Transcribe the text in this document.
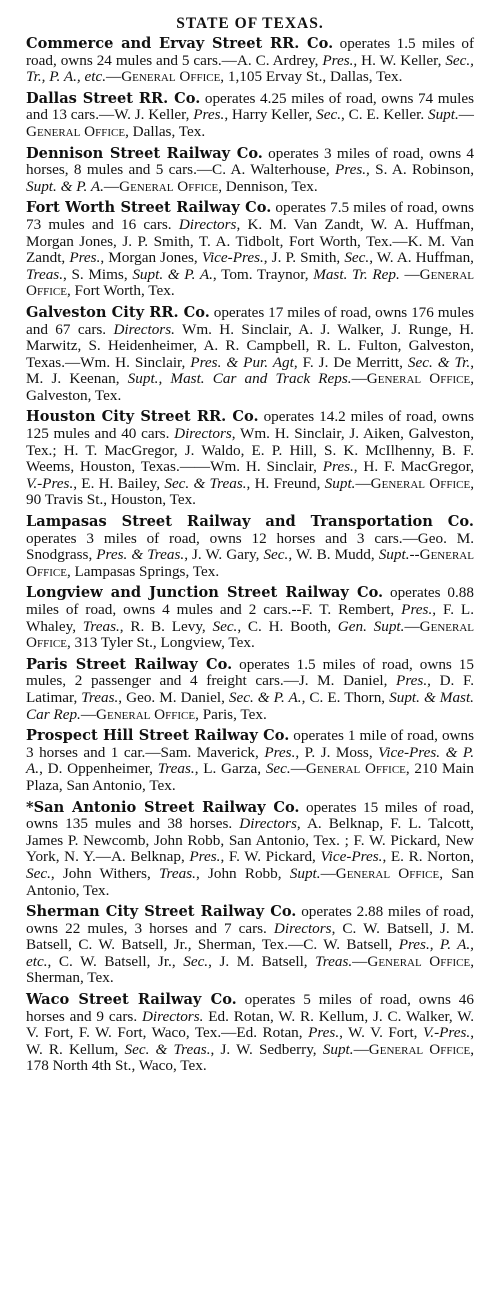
STATE OF TEXAS.

Commerce and Ervay Street RR. Co. operates 1.5 miles of road, owns 24 mules and 5 cars.—A. C. Ardrey, Pres., H. W. Keller, Sec., Tr., P. A., etc.—General Office, 1,105 Ervay St., Dallas, Tex.

Dallas Street RR. Co. operates 4.25 miles of road, owns 74 mules and 13 cars.—W. J. Keller, Pres., Harry Keller, Sec., C. E. Keller. Supt.—General Office, Dallas, Tex.

Dennison Street Railway Co. operates 3 miles of road, owns 4 horses, 8 mules and 5 cars.—C. A. Walterhouse, Pres., S. A. Robinson, Supt. & P. A.—General Office, Dennison, Tex.

Fort Worth Street Railway Co. operates 7.5 miles of road, owns 73 mules and 16 cars. Directors, K. M. Van Zandt, W. A. Huffman, Morgan Jones, J. P. Smith, T. A. Tidbolt, Fort Worth, Tex.—K. M. Van Zandt, Pres., Morgan Jones, Vice-Pres., J. P. Smith, Sec., W. A. Huffman, Treas., S. Mims, Supt. & P. A., Tom. Traynor, Mast. Tr. Rep. —General Office, Fort Worth, Tex.

Galveston City RR. Co. operates 17 miles of road, owns 176 mules and 67 cars. Directors. Wm. H. Sinclair, A. J. Walker, J. Runge, H. Marwitz, S. Heidenheimer, A. R. Campbell, R. L. Fulton, Galveston, Texas.—Wm. H. Sinclair, Pres. & Pur. Agt, F. J. De Merritt, Sec. & Tr., M. J. Keenan, Supt., Mast. Car and Track Reps.—General Office, Galveston, Tex.

Houston City Street RR. Co. operates 14.2 miles of road, owns 125 mules and 40 cars. Directors, Wm. H. Sinclair, J. Aiken, Galveston, Tex.; H. T. MacGregor, J. Waldo, E. P. Hill, S. K. McIlhenny, B. F. Weems, Houston, Texas.——Wm. H. Sinclair, Pres., H. F. MacGregor, V.-Pres., E. H. Bailey, Sec. & Treas., H. Freund, Supt.—General Office, 90 Travis St., Houston, Tex.

Lampasas Street Railway and Transportation Co. operates 3 miles of road, owns 12 horses and 3 cars.—Geo. M. Snodgrass, Pres. & Treas., J. W. Gary, Sec., W. B. Mudd, Supt.--General Office, Lampasas Springs, Tex.

Longview and Junction Street Railway Co. operates 0.88 miles of road, owns 4 mules and 2 cars.--F. T. Rembert, Pres., F. L. Whaley, Treas., R. B. Levy, Sec., C. H. Booth, Gen. Supt.—General Office, 313 Tyler St., Longview, Tex.

Paris Street Railway Co. operates 1.5 miles of road, owns 15 mules, 2 passenger and 4 freight cars.—J. M. Daniel, Pres., D. F. Latimar, Treas., Geo. M. Daniel, Sec. & P. A., C. E. Thorn, Supt. & Mast. Car Rep.—General Office, Paris, Tex.

Prospect Hill Street Railway Co. operates 1 mile of road, owns 3 horses and 1 car.—Sam. Maverick, Pres., P. J. Moss, Vice-Pres. & P. A., D. Oppenheimer, Treas., L. Garza, Sec.—General Office, 210 Main Plaza, San Antonio, Tex.

*San Antonio Street Railway Co. operates 15 miles of road, owns 135 mules and 38 horses. Directors, A. Belknap, F. L. Talcott, James P. Newcomb, John Robb, San Antonio, Tex. ; F. W. Pickard, New York, N. Y.—A. Belknap, Pres., F. W. Pickard, Vice-Pres., E. R. Norton, Sec., John Withers, Treas., John Robb, Supt.—General Office, San Antonio, Tex.

Sherman City Street Railway Co. operates 2.88 miles of road, owns 22 mules, 3 horses and 7 cars. Directors, C. W. Batsell, J. M. Batsell, C. W. Batsell, Jr., Sherman, Tex.—C. W. Batsell, Pres., P. A., etc., C. W. Batsell, Jr., Sec., J. M. Batsell, Treas.—General Office, Sherman, Tex.

Waco Street Railway Co. operates 5 miles of road, owns 46 horses and 9 cars. Directors. Ed. Rotan, W. R. Kellum, J. C. Walker, W. V. Fort, F. W. Fort, Waco, Tex.—Ed. Rotan, Pres., W. V. Fort, V.-Pres., W. R. Kellum, Sec. & Treas., J. W. Sedberry, Supt.—General Office, 178 North 4th St., Waco, Tex.
